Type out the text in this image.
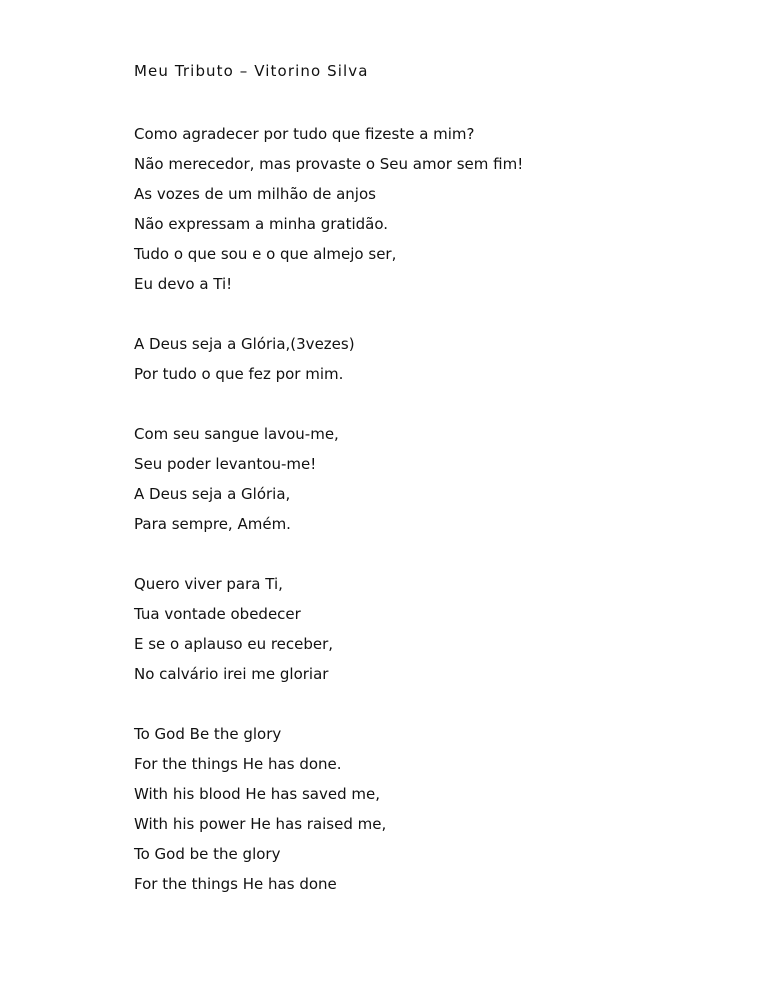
Meu Tributo – Vitorino Silva
Como agradecer por tudo que fizeste a mim?
Não merecedor, mas provaste o Seu amor sem fim!
As vozes de um milhão de anjos
Não expressam a minha gratidão.
Tudo o que sou e o que almejo ser,
Eu devo a Ti!
A Deus seja a Glória,(3vezes)
Por tudo o que fez por mim.
Com seu sangue lavou-me,
Seu poder levantou-me!
A Deus seja a Glória,
Para sempre, Amém.
Quero viver para Ti,
Tua vontade obedecer
E se o aplauso eu receber,
No calvário irei me gloriar
To God Be the glory
For the things He has done.
With his blood He has saved me,
With his power He has raised me,
To God be the glory
For the things He has done
